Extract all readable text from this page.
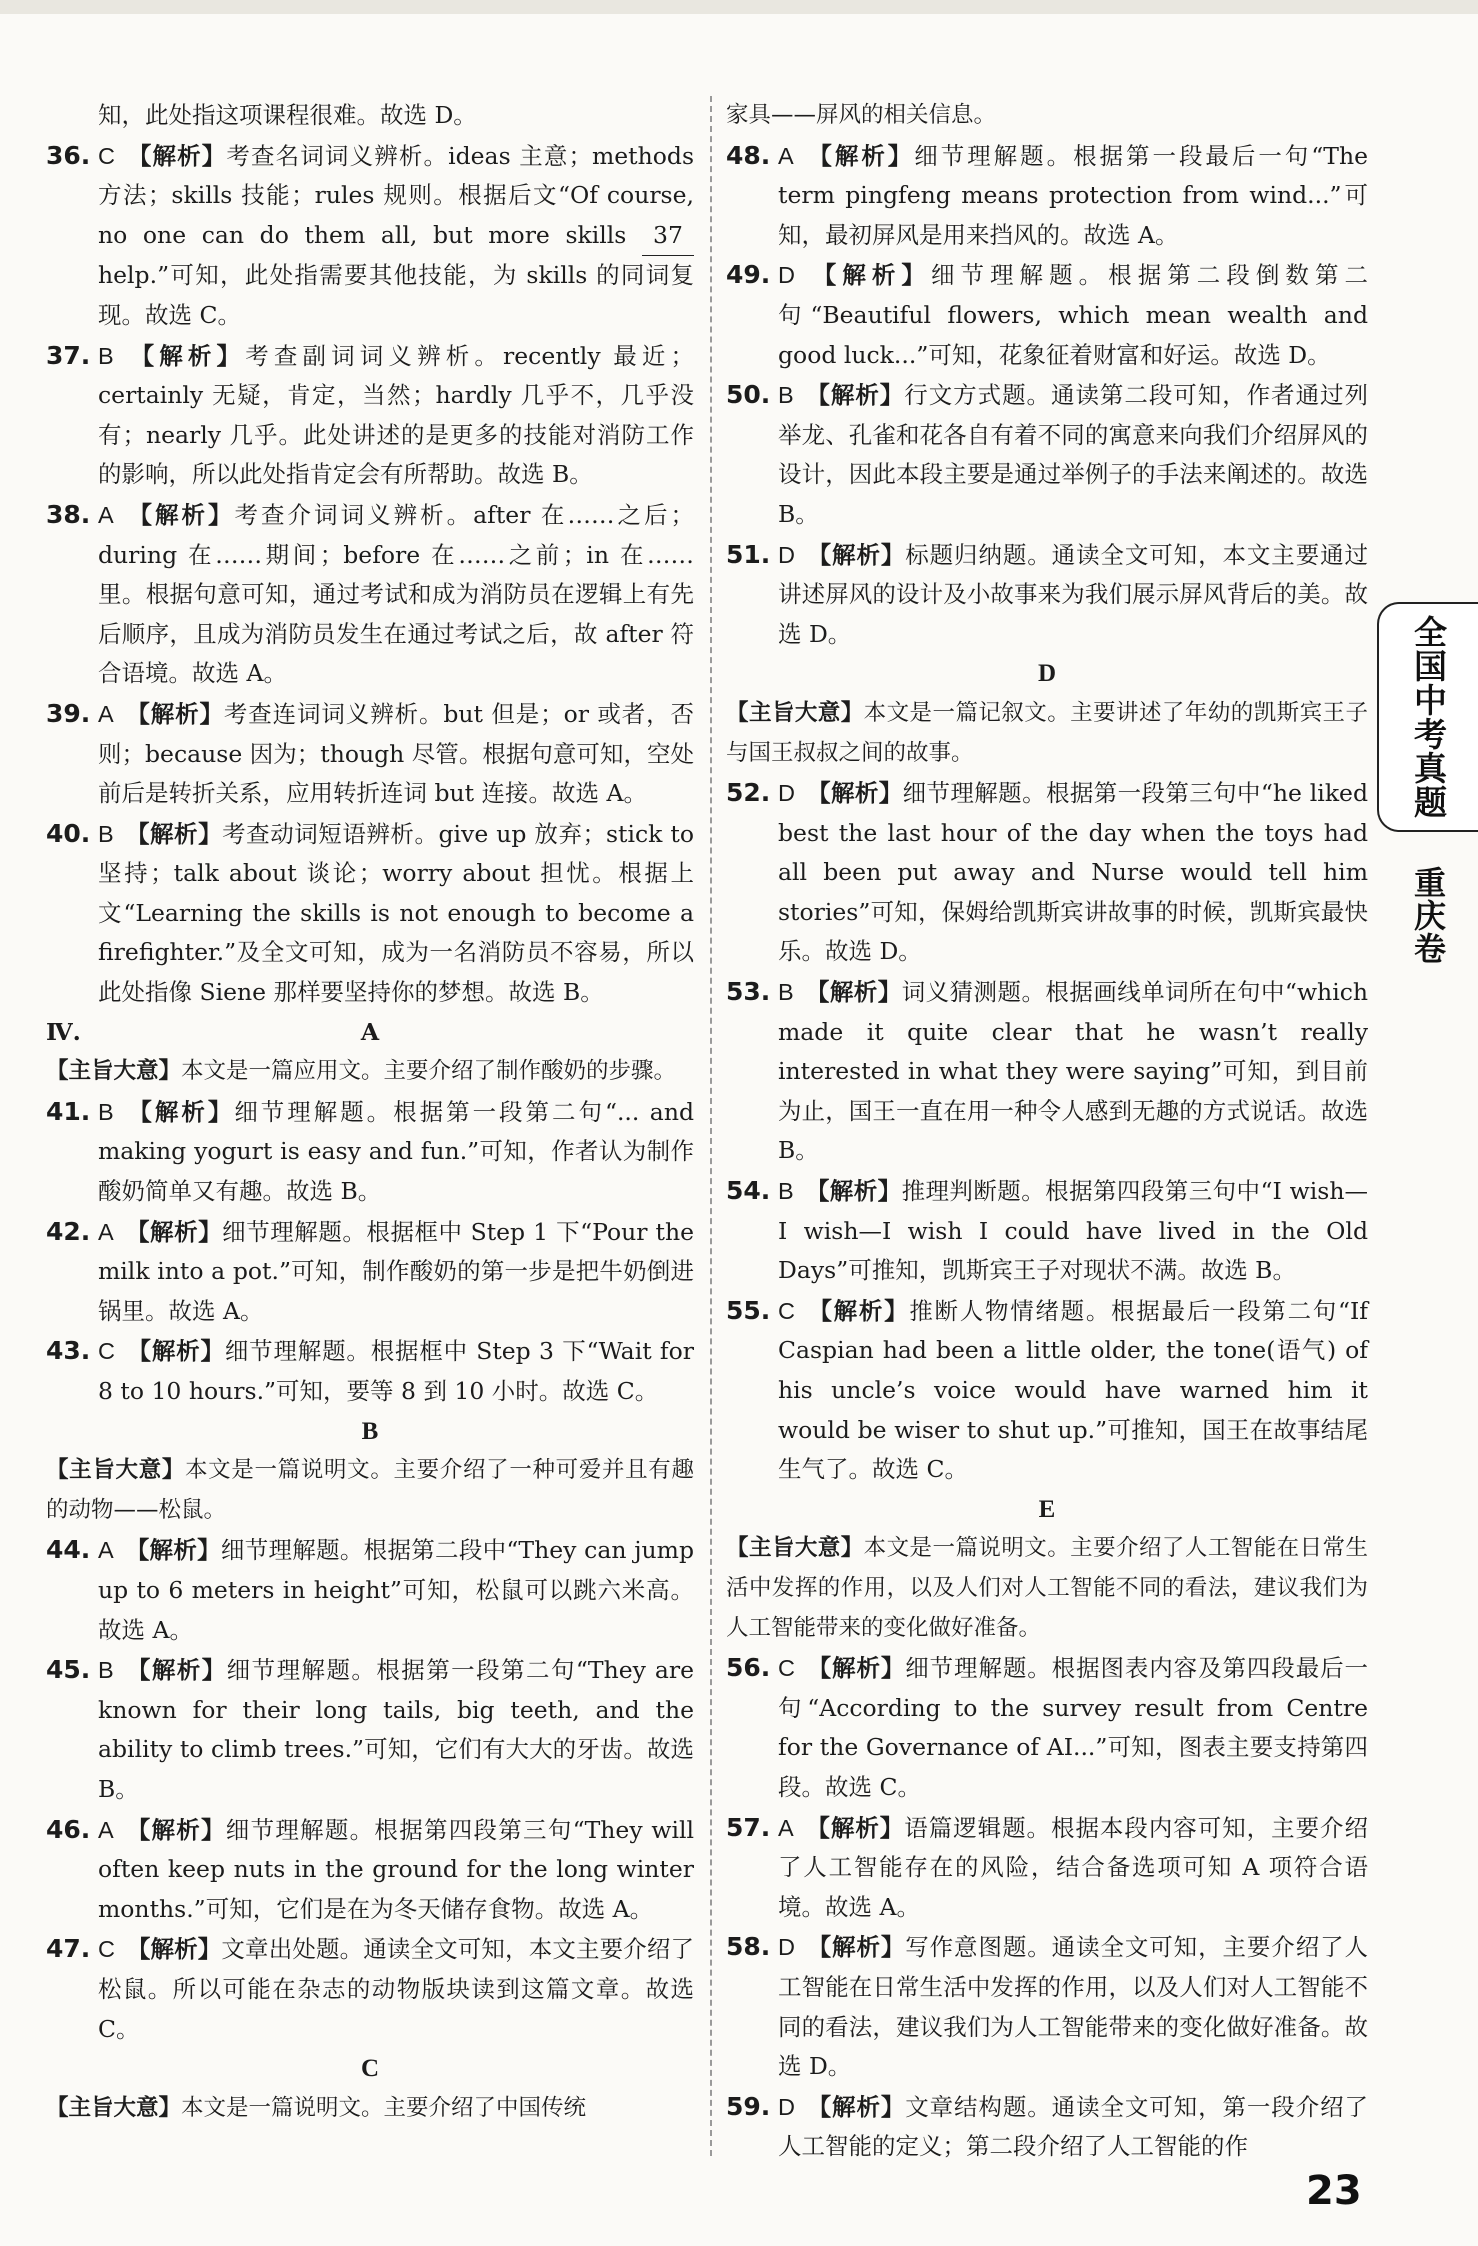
知，此处指这项课程很难。故选 D。

36. C  【解析】考查名词词义辨析。ideas 主意；methods 方法；skills 技能；rules 规则。根据后文“Of course, no one can do them all, but more skills 37 help.”可知，此处指需要其他技能，为 skills 的同词复现。故选 C。

37. B  【解析】考查副词词义辨析。recently 最近；certainly 无疑，肯定，当然；hardly 几乎不，几乎没有；nearly 几乎。此处讲述的是更多的技能对消防工作的影响，所以此处指肯定会有所帮助。故选 B。

38. A  【解析】考查介词词义辨析。after 在……之后；during 在……期间；before 在……之前；in 在……里。根据句意可知，通过考试和成为消防员在逻辑上有先后顺序，且成为消防员发生在通过考试之后，故 after 符合语境。故选 A。

39. A  【解析】考查连词词义辨析。but 但是；or 或者，否则；because 因为；though 尽管。根据句意可知，空处前后是转折关系，应用转折连词 but 连接。故选 A。

40. B  【解析】考查动词短语辨析。give up 放弃；stick to 坚持；talk about 谈论；worry about 担忧。根据上文“Learning the skills is not enough to become a firefighter.”及全文可知，成为一名消防员不容易，所以此处指像 Siene 那样要坚持你的梦想。故选 B。

Ⅳ.	A

【主旨大意】本文是一篇应用文。主要介绍了制作酸奶的步骤。

41. B  【解析】细节理解题。根据第一段第二句“... and making yogurt is easy and fun.”可知，作者认为制作酸奶简单又有趣。故选 B。

42. A  【解析】细节理解题。根据框中 Step 1 下“Pour the milk into a pot.”可知，制作酸奶的第一步是把牛奶倒进锅里。故选 A。

43. C  【解析】细节理解题。根据框中 Step 3 下“Wait for 8 to 10 hours.”可知，要等 8 到 10 小时。故选 C。

B

【主旨大意】本文是一篇说明文。主要介绍了一种可爱并且有趣的动物——松鼠。

44. A  【解析】细节理解题。根据第二段中“They can jump up to 6 meters in height”可知，松鼠可以跳六米高。故选 A。

45. B  【解析】细节理解题。根据第一段第二句“They are known for their long tails, big teeth, and the ability to climb trees.”可知，它们有大大的牙齿。故选 B。

46. A  【解析】细节理解题。根据第四段第三句“They will often keep nuts in the ground for the long winter months.”可知，它们是在为冬天储存食物。故选 A。

47. C  【解析】文章出处题。通读全文可知，本文主要介绍了松鼠。所以可能在杂志的动物版块读到这篇文章。故选 C。

C

【主旨大意】本文是一篇说明文。主要介绍了中国传统

家具——屏风的相关信息。

48. A  【解析】细节理解题。根据第一段最后一句“The term pingfeng means protection from wind...”可知，最初屏风是用来挡风的。故选 A。

49. D  【解析】细节理解题。根据第二段倒数第二句“Beautiful flowers, which mean wealth and good luck...”可知，花象征着财富和好运。故选 D。

50. B  【解析】行文方式题。通读第二段可知，作者通过列举龙、孔雀和花各自有着不同的寓意来向我们介绍屏风的设计，因此本段主要是通过举例子的手法来阐述的。故选 B。

51. D  【解析】标题归纳题。通读全文可知，本文主要通过讲述屏风的设计及小故事来为我们展示屏风背后的美。故选 D。

D

【主旨大意】本文是一篇记叙文。主要讲述了年幼的凯斯宾王子与国王叔叔之间的故事。

52. D  【解析】细节理解题。根据第一段第三句中“he liked best the last hour of the day when the toys had all been put away and Nurse would tell him stories”可知，保姆给凯斯宾讲故事的时候，凯斯宾最快乐。故选 D。

53. B  【解析】词义猜测题。根据画线单词所在句中“which made it quite clear that he wasn’t really interested in what they were saying”可知，到目前为止，国王一直在用一种令人感到无趣的方式说话。故选 B。

54. B  【解析】推理判断题。根据第四段第三句中“I wish—I wish—I wish I could have lived in the Old Days”可推知，凯斯宾王子对现状不满。故选 B。

55. C  【解析】推断人物情绪题。根据最后一段第二句“If Caspian had been a little older, the tone(语气) of his uncle’s voice would have warned him it would be wiser to shut up.”可推知，国王在故事结尾生气了。故选 C。

E

【主旨大意】本文是一篇说明文。主要介绍了人工智能在日常生活中发挥的作用，以及人们对人工智能不同的看法，建议我们为人工智能带来的变化做好准备。

56. C  【解析】细节理解题。根据图表内容及第四段最后一句“According to the survey result from Centre for the Governance of AI...”可知，图表主要支持第四段。故选 C。

57. A  【解析】语篇逻辑题。根据本段内容可知，主要介绍了人工智能存在的风险，结合备选项可知 A 项符合语境。故选 A。

58. D  【解析】写作意图题。通读全文可知，主要介绍了人工智能在日常生活中发挥的作用，以及人们对人工智能不同的看法，建议我们为人工智能带来的变化做好准备。故选 D。

59. D  【解析】文章结构题。通读全文可知，第一段介绍了人工智能的定义；第二段介绍了人工智能的作

全国中考真题
重庆卷
23
